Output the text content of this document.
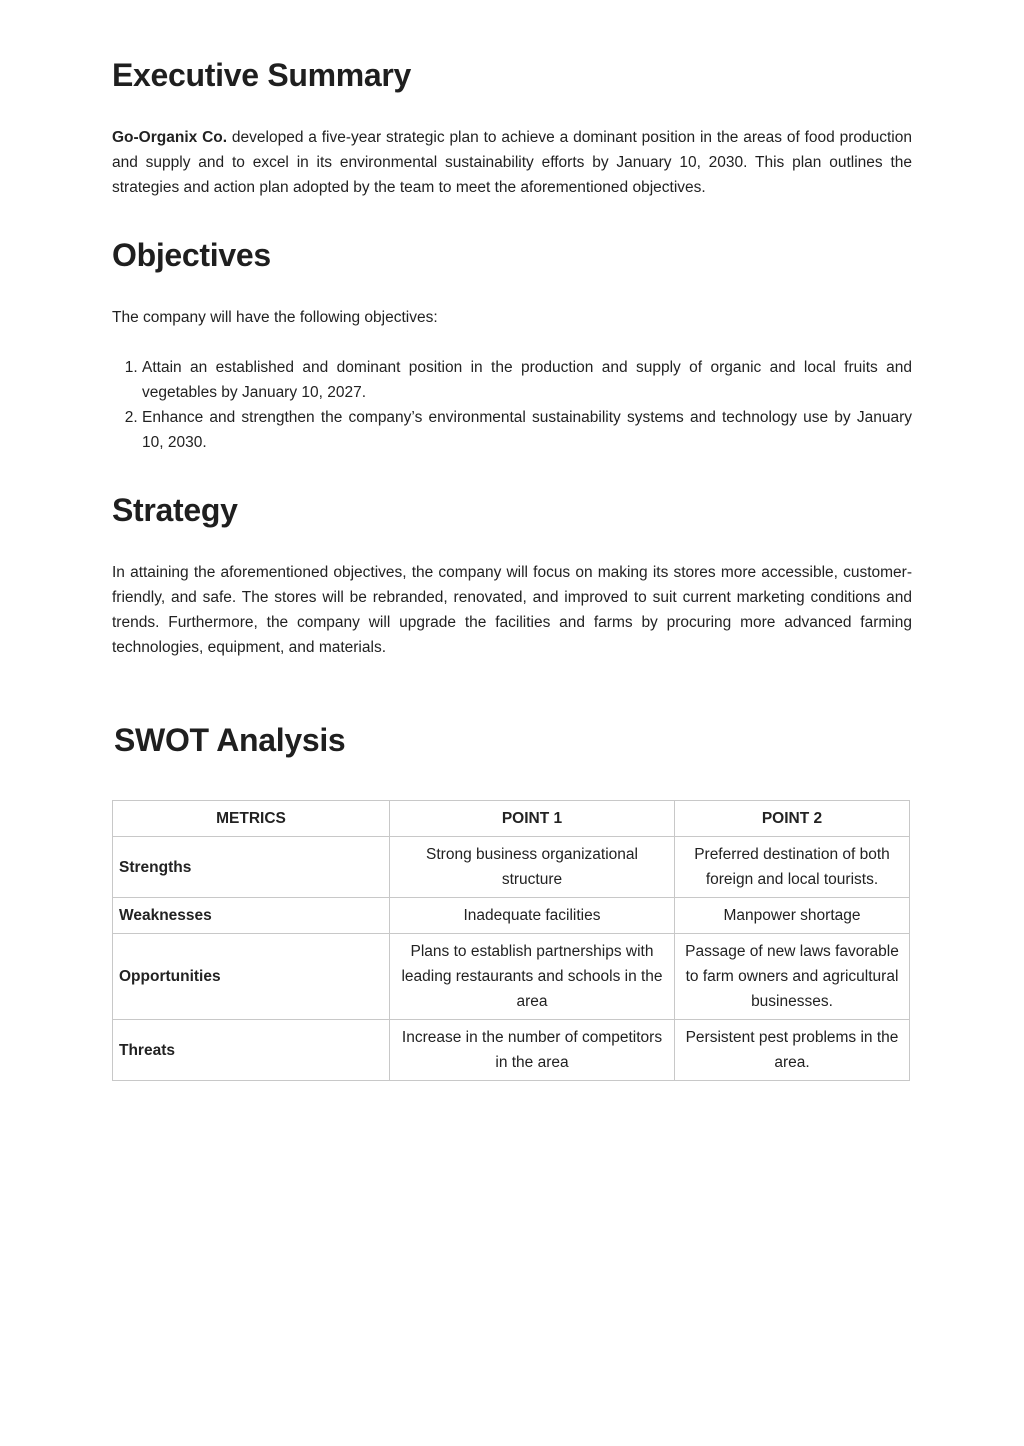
Executive Summary

Go-Organix Co. developed a five-year strategic plan to achieve a dominant position in the areas of food production and supply and to excel in its environmental sustainability efforts by January 10, 2030. This plan outlines the strategies and action plan adopted by the team to meet the aforementioned objectives.

Objectives

The company will have the following objectives:

1. Attain an established and dominant position in the production and supply of organic and local fruits and vegetables by January 10, 2027.
2. Enhance and strengthen the company’s environmental sustainability systems and technology use by January 10, 2030.
Strategy

In attaining the aforementioned objectives, the company will focus on making its stores more accessible, customer-friendly, and safe. The stores will be rebranded, renovated, and improved to suit current marketing conditions and trends. Furthermore, the company will upgrade the facilities and farms by procuring more advanced farming technologies, equipment, and materials.

SWOT Analysis
METRICS	POINT 1	POINT 2
Strengths	Strong business organizational structure	Preferred destination of both foreign and local tourists.
Weaknesses	Inadequate facilities	Manpower shortage
Opportunities	Plans to establish partnerships with leading restaurants and schools in the area	Passage of new laws favorable to farm owners and agricultural businesses.
Threats	Increase in the number of competitors in the area	Persistent pest problems in the area.
